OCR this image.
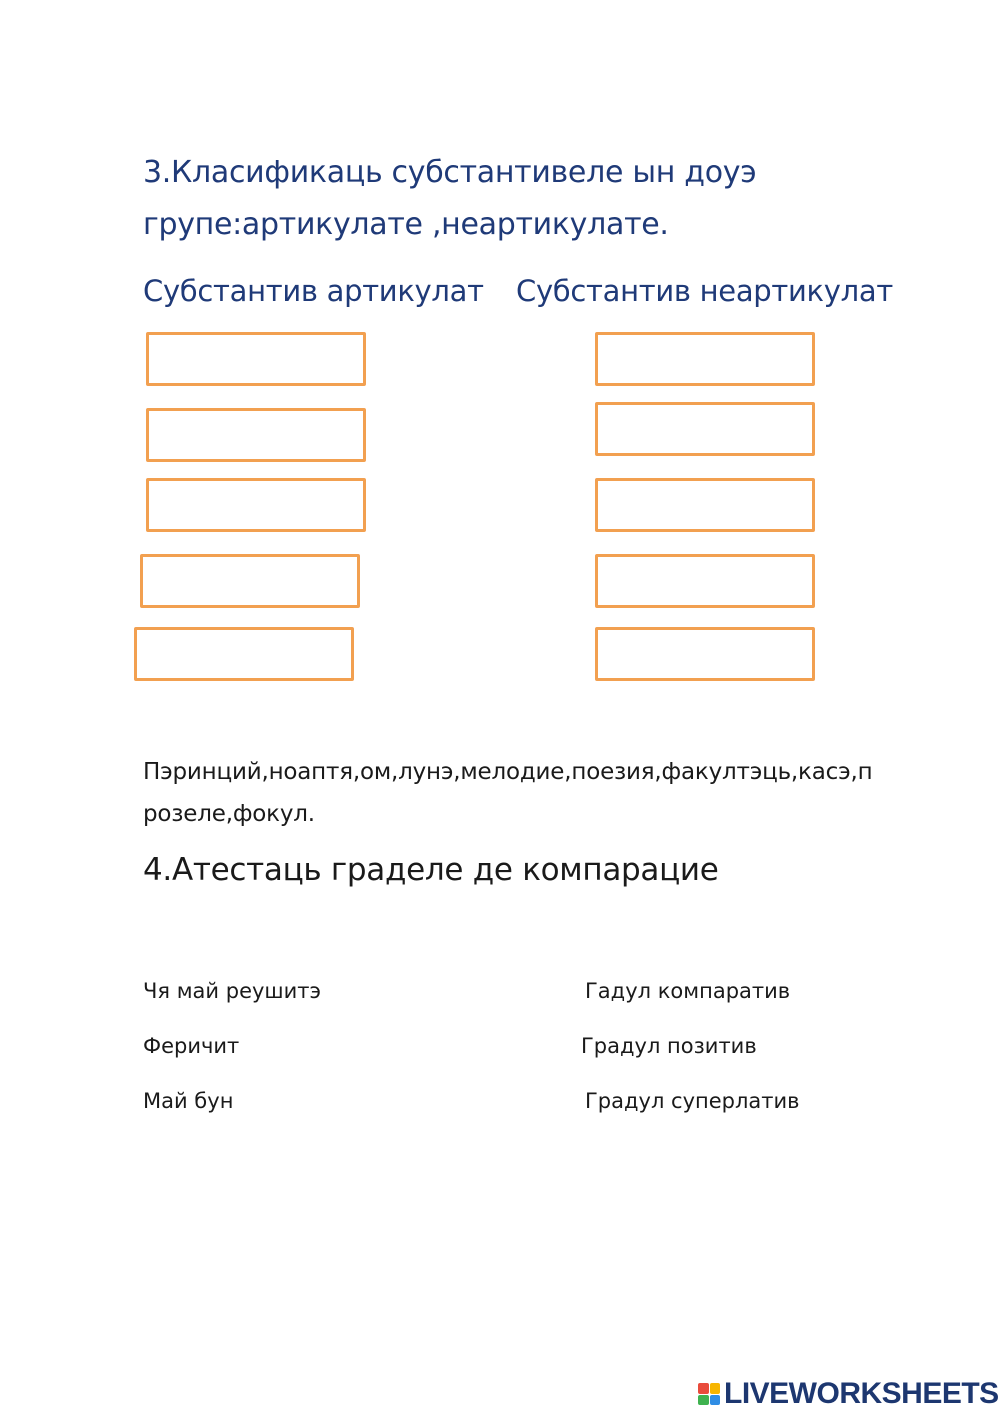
3.Класификаць субстантивеле ын доуэ
групе:артикулате ,неартикулате.
Субстантив артикулат Субстантив неартикулат
Пэринций,ноаптя,ом,лунэ,мелодие,поезия,факултэць,касэ,п
розеле,фокул.
4.Атестаць граделе де компарацие
Чя май реушитэ
Феричит
Май бун
Гадул компаратив
Градул позитив
Градул суперлатив
LIVEWORKSHEETS
